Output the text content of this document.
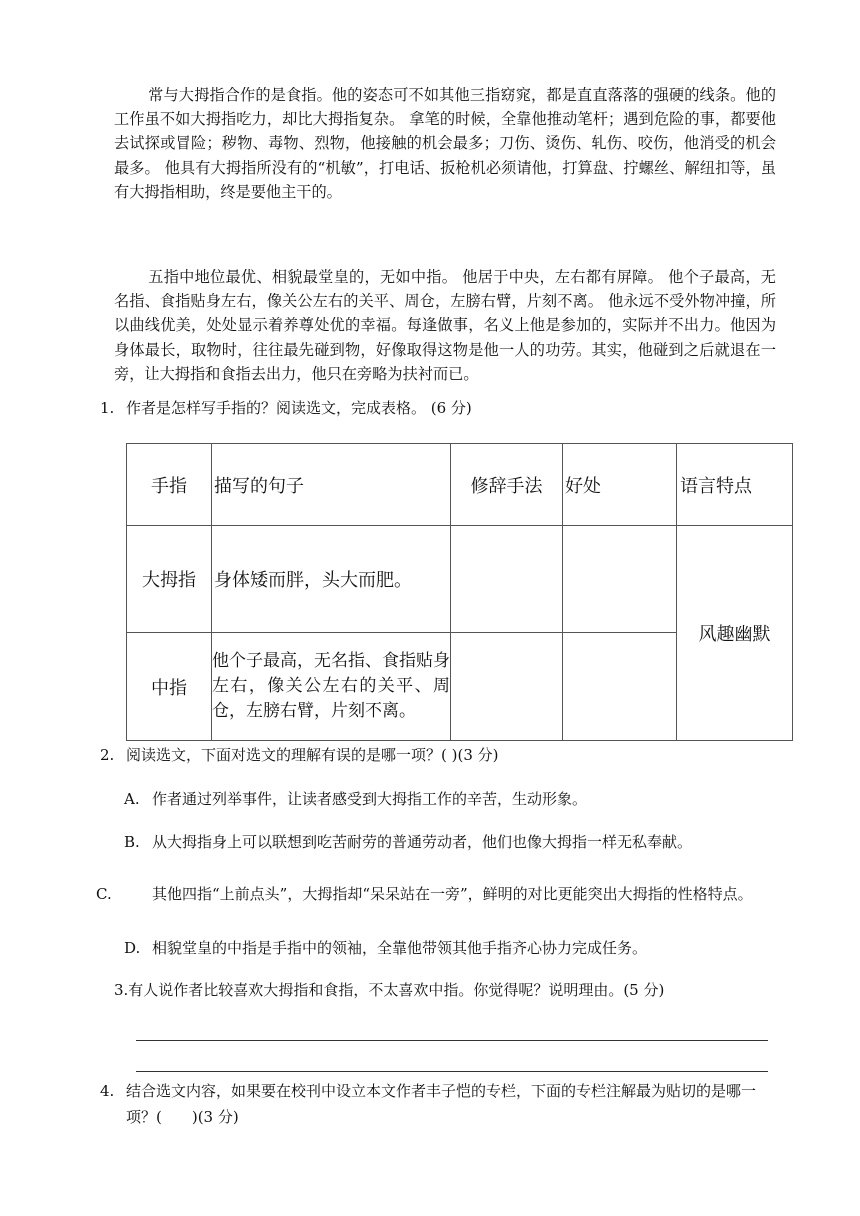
常与大拇指合作的是食指。他的姿态可不如其他三指窈窕，都是直直落落的强硬的线条。他的工作虽不如大拇指吃力，却比大拇指复杂。 拿笔的时候，全靠他推动笔杆；遇到危险的事，都要他去试探或冒险；秽物、毒物、烈物，他接触的机会最多；刀伤、烫伤、轧伤、咬伤，他消受的机会最多。 他具有大拇指所没有的“机敏”，打电话、扳枪机必须请他，打算盘、拧螺丝、解纽扣等，虽有大拇指相助，终是要他主干的。

五指中地位最优、相貌最堂皇的，无如中指。 他居于中央，左右都有屏障。 他个子最高，无名指、食指贴身左右，像关公左右的关平、周仓，左膀右臂，片刻不离。 他永远不受外物冲撞，所以曲线优美，处处显示着养尊处优的幸福。每逢做事，名义上他是参加的，实际并不出力。他因为身体最长，取物时，往往最先碰到物，好像取得这物是他一人的功劳。其实，他碰到之后就退在一旁，让大拇指和食指去出力，他只在旁略为扶衬而已。

1. 作者是怎样写手指的？阅读选文，完成表格。 (6 分)

手指	描写的句子	修辞手法	好处	语言特点
大拇指	身体矮而胖，头大而肥。			风趣幽默
中指	他个子最高，无名指、食指贴身左右，像关公左右的关平、周仓，左膀右臂，片刻不离。			

2. 阅读选文，下面对选文的理解有误的是哪一项？( )(3 分)

A. 作者通过列举事件，让读者感受到大拇指工作的辛苦，生动形象。

B. 从大拇指身上可以联想到吃苦耐劳的普通劳动者，他们也像大拇指一样无私奉献。

C.	其他四指“上前点头”，大拇指却“呆呆站在一旁”，鲜明的对比更能突出大拇指的性格特点。

D. 相貌堂皇的中指是手指中的领袖，全靠他带领其他手指齐心协力完成任务。

3.有人说作者比较喜欢大拇指和食指，不太喜欢中指。你觉得呢？说明理由。(5 分)

4. 结合选文内容，如果要在校刊中设立本文作者丰子恺的专栏，下面的专栏注解最为贴切的是哪一项？(　　)(3 分)
